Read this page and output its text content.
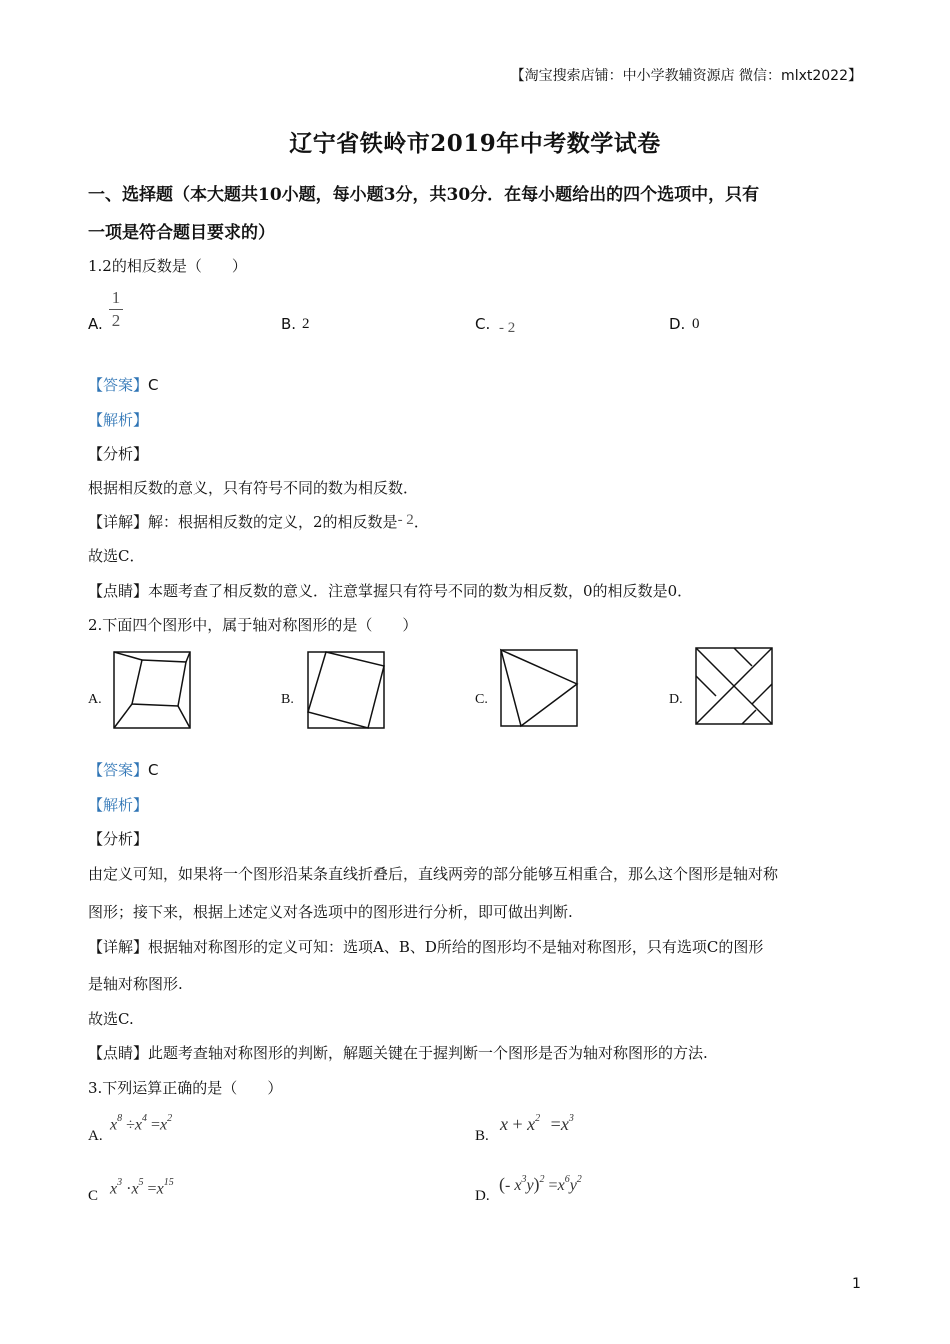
【淘宝搜索店铺：中小学教辅资源店 微信：mlxt2022】
辽宁省铁岭市2019年中考数学试卷
一、选择题（本大题共10小题，每小题3分，共30分．在每小题给出的四个选项中，只有
一项是符合题目要求的）
1.2的相反数是（　　）
A.
1
2	B. 2	C. - 2	D. 0
【答案】C
【解析】
【分析】
根据相反数的意义，只有符号不同的数为相反数．
【详解】解：根据相反数的定义，2的相反数是- 2．
故选C．
【点睛】本题考查了相反数的意义．注意掌握只有符号不同的数为相反数，0的相反数是0．
2.下面四个图形中，属于轴对称图形的是（　　）
A.	B.	C.	D.
【答案】C
【解析】
【分析】
由定义可知，如果将一个图形沿某条直线折叠后，直线两旁的部分能够互相重合，那么这个图形是轴对称
图形；接下来，根据上述定义对各选项中的图形进行分析，即可做出判断.
【详解】根据轴对称图形的定义可知：选项A、B、D所给的图形均不是轴对称图形，只有选项C的图形
是轴对称图形.
故选C.
【点睛】此题考查轴对称图形的判断，解题关键在于握判断一个图形是否为轴对称图形的方法.
3.下列运算正确的是（　　）
A.
$x^8 \div x^4 =x^2$
B.
$x + x^2 =x^3$
C $x^3 \cdot x^5 =x^{15}$
D.
(- $x^3y)^2 =x^6y^2$
1
